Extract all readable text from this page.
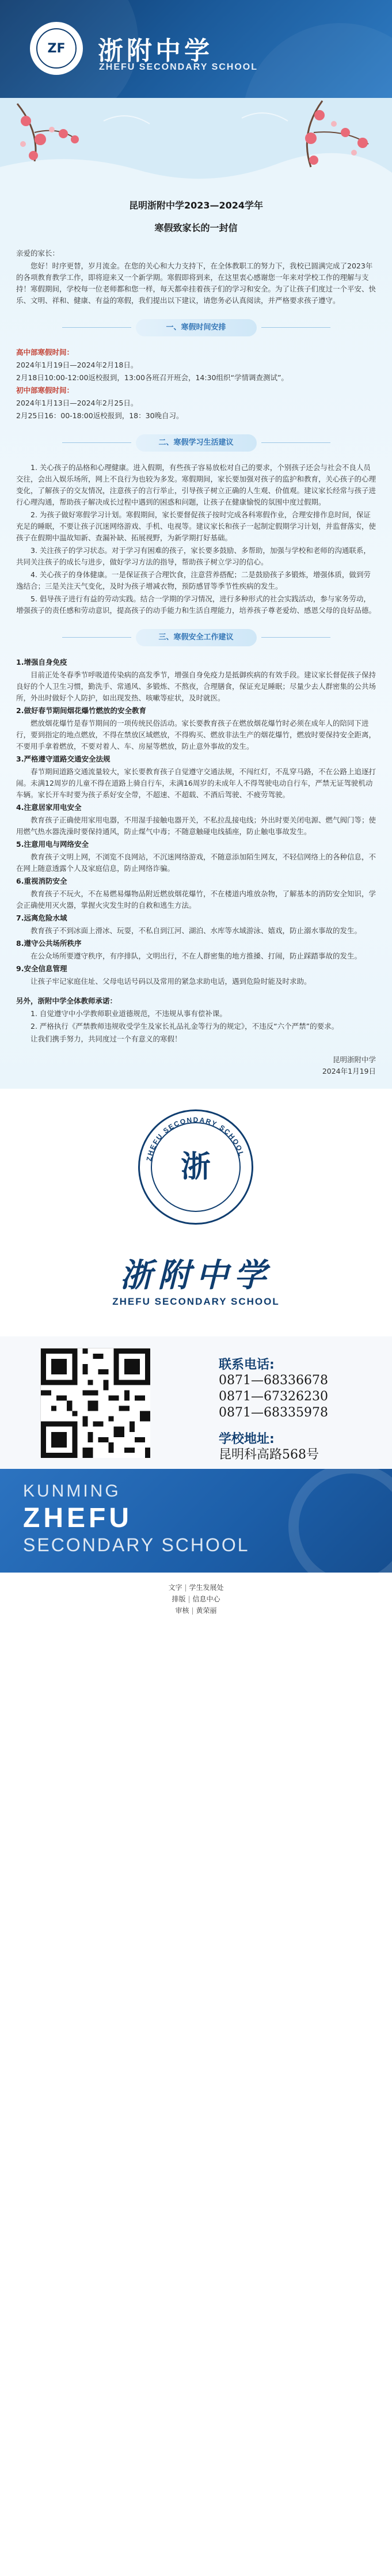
ZF	浙附中学
ZHEFU SECONDARY SCHOOL
昆明浙附中学2023—2024学年
寒假致家长的一封信

亲爱的家长：

您好！时序更替，岁月流金。在您的关心和大力支持下，在全体教职工的努力下，我校已圆满完成了2023年的各项教育教学工作，即将迎来又一个新学期。寒假即将到来，在这里衷心感谢您一年来对学校工作的理解与支持！寒假期间，学校每一位老师都和您一样，每天都牵挂着孩子们的学习和安全。为了让孩子们度过一个平安、快乐、文明、祥和、健康、有益的寒假，我们提出以下建议，请您务必认真阅读，并严格要求孩子遵守。

一、寒假时间安排

高中部寒假时间：

2024年1月19日—2024年2月18日。

2月18日10:00-12:00返校报到，13:00各班召开班会，14:30组织“学情调查测试”。

初中部寒假时间：

2024年1月13日—2024年2月25日。

2月25日16：00-18:00返校报到，18：30晚自习。

二、寒假学习生活建议

1. 关心孩子的品格和心理健康。进入假期，有些孩子容易放松对自己的要求，个别孩子还会与社会不良人员交往，会出入娱乐场所，网上不良行为也较为多发。寒假期间，家长要加强对孩子的监护和教育，关心孩子的心理变化，了解孩子的交友情况，注意孩子的言行举止，引导孩子树立正确的人生观、价值观。建议家长经常与孩子进行心理沟通，帮助孩子解决成长过程中遇到的困惑和问题，让孩子在健康愉悦的氛围中度过假期。

2. 为孩子做好寒假学习计划。寒假期间，家长要督促孩子按时完成各科寒假作业，合理安排作息时间，保证充足的睡眠，不要让孩子沉迷网络游戏、手机、电视等。建议家长和孩子一起制定假期学习计划，并监督落实，使孩子在假期中温故知新、查漏补缺、拓展视野，为新学期打好基础。

3. 关注孩子的学习状态。对于学习有困难的孩子，家长要多鼓励、多帮助，加强与学校和老师的沟通联系，共同关注孩子的成长与进步，做好学习方法的指导，帮助孩子树立学习的信心。

4. 关心孩子的身体健康。一是保证孩子合理饮食，注意营养搭配；二是鼓励孩子多锻炼，增强体质，做到劳逸结合；三是关注天气变化，及时为孩子增减衣物，预防感冒等季节性疾病的发生。

5. 倡导孩子进行有益的劳动实践。结合一学期的学习情况，进行多种形式的社会实践活动，参与家务劳动，增强孩子的责任感和劳动意识，提高孩子的动手能力和生活自理能力，培养孩子尊老爱幼、感恩父母的良好品德。

三、寒假安全工作建议

1.增强自身免疫

目前正处冬春季节呼吸道传染病的高发季节，增强自身免疫力是抵御疾病的有效手段。建议家长督促孩子保持良好的个人卫生习惯，勤洗手、常通风、多锻炼、不熬夜，合理膳食，保证充足睡眠；尽量少去人群密集的公共场所，外出时做好个人防护，如出现发热、咳嗽等症状，及时就医。

2.做好春节期间烟花爆竹燃放的安全教育

燃放烟花爆竹是春节期间的一项传统民俗活动。家长要教育孩子在燃放烟花爆竹时必须在成年人的陪同下进行，要到指定的地点燃放，不得在禁放区域燃放，不得购买、燃放非法生产的烟花爆竹，燃放时要保持安全距离，不要用手拿着燃放，不要对着人、车、房屋等燃放，防止意外事故的发生。

3.严格遵守道路交通安全法规

春节期间道路交通流量较大，家长要教育孩子自觉遵守交通法规，不闯红灯，不乱穿马路，不在公路上追逐打闹。未满12周岁的儿童不得在道路上骑自行车，未满16周岁的未成年人不得驾驶电动自行车，严禁无证驾驶机动车辆。家长开车时要为孩子系好安全带，不超速、不超载、不酒后驾驶、不疲劳驾驶。

4.注意居家用电安全

教育孩子正确使用家用电器，不用湿手接触电器开关，不私拉乱接电线；外出时要关闭电源、燃气阀门等；使用燃气热水器洗澡时要保持通风，防止煤气中毒；不随意触碰电线插座，防止触电事故发生。

5.注意用电与网络安全

教育孩子文明上网，不浏览不良网站，不沉迷网络游戏，不随意添加陌生网友，不轻信网络上的各种信息，不在网上随意透露个人及家庭信息，防止网络诈骗。

6.重视消防安全

教育孩子不玩火，不在易燃易爆物品附近燃放烟花爆竹，不在楼道内堆放杂物，了解基本的消防安全知识，学会正确使用灭火器，掌握火灾发生时的自救和逃生方法。

7.远离危险水域

教育孩子不到冰面上滑冰、玩耍，不私自到江河、湖泊、水库等水域游泳、嬉戏，防止溺水事故的发生。

8.遵守公共场所秩序

在公众场所要遵守秩序，有序排队，文明出行，不在人群密集的地方推搡、打闹，防止踩踏事故的发生。

9.安全信息管理

让孩子牢记家庭住址、父母电话号码以及常用的紧急求助电话，遇到危险时能及时求助。

另外，浙附中学全体教师承诺：

1. 自觉遵守中小学教师职业道德规范，不违规从事有偿补课。

2. 严格执行《严禁教师违规收受学生及家长礼品礼金等行为的规定》，不违反“六个严禁”的要求。

让我们携手努力，共同度过一个有意义的寒假！

昆明浙附中学
2024年1月19日
ZHEFU SECONDARY SCHOOL
浙
浙附中学
ZHEFU SECONDARY SCHOOL
联系电话:
0871—68336678
0871—67326230
0871—68335978
学校地址:
昆明科高路568号
KUNMING
ZHEFU
SECONDARY SCHOOL
文字 | 学生发展处
排版 | 信息中心
审核 | 黄荣丽
